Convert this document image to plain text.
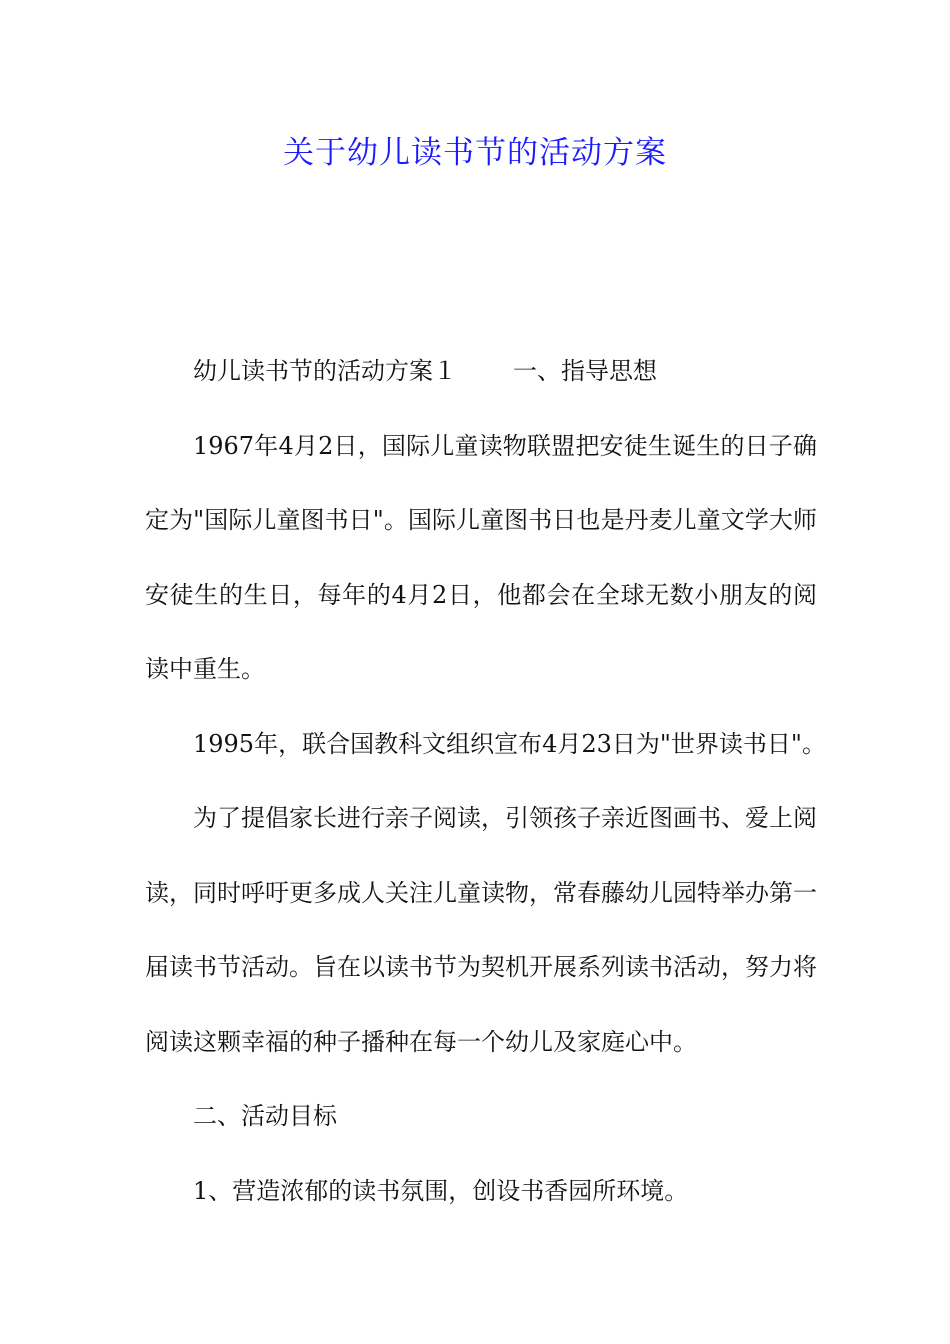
关于幼儿读书节的活动方案

幼儿读书节的活动方案１ 一、指导思想

1967年4月2日，国际儿童读物联盟把安徒生诞生的日子确定为"国际儿童图书日"。国际儿童图书日也是丹麦儿童文学大师安徒生的生日，每年的4月2日，他都会在全球无数小朋友的阅读中重生。

1995年，联合国教科文组织宣布4月23日为"世界读书日"。

为了提倡家长进行亲子阅读，引领孩子亲近图画书、爱上阅读，同时呼吁更多成人关注儿童读物，常春藤幼儿园特举办第一届读书节活动。旨在以读书节为契机开展系列读书活动，努力将阅读这颗幸福的种子播种在每一个幼儿及家庭心中。

二、活动目标

1、营造浓郁的读书氛围，创设书香园所环境。
